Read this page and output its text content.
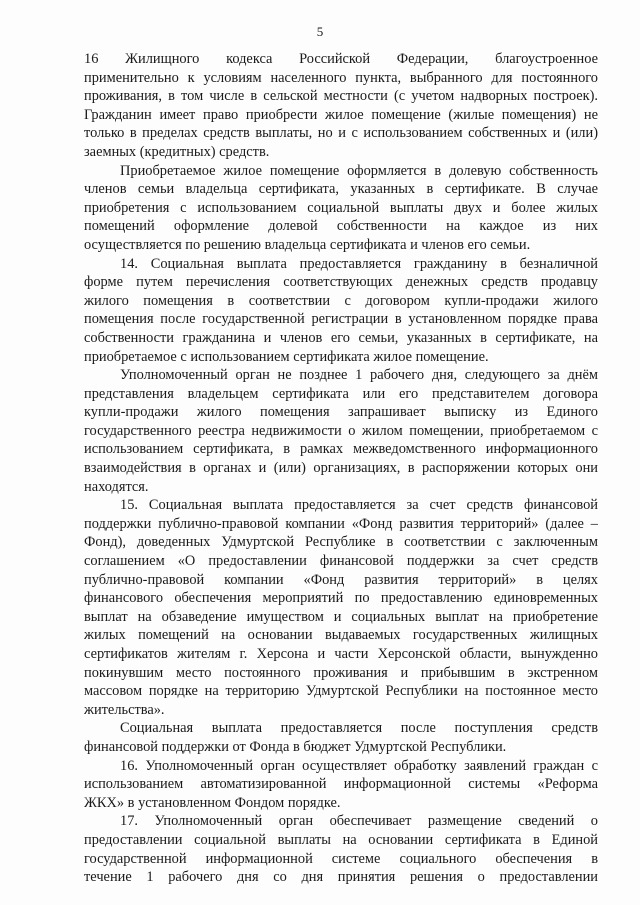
5

16 Жилищного кодекса Российской Федерации, благоустроенное
применительно к условиям населенного пункта, выбранного для постоянного
проживания, в том числе в сельской местности (с учетом надворных построек).
Гражданин имеет право приобрести жилое помещение (жилые помещения) не
только в пределах средств выплаты, но и с использованием собственных и (или)
заемных (кредитных) средств.

Приобретаемое жилое помещение оформляется в долевую собственность
членов семьи владельца сертификата, указанных в сертификате. В случае
приобретения с использованием социальной выплаты двух и более жилых
помещений оформление долевой собственности на каждое из них
осуществляется по решению владельца сертификата и членов его семьи.

14. Социальная выплата предоставляется гражданину в безналичной
форме путем перечисления соответствующих денежных средств продавцу
жилого помещения в соответствии с договором купли-продажи жилого
помещения после государственной регистрации в установленном порядке права
собственности гражданина и членов его семьи, указанных в сертификате, на
приобретаемое с использованием сертификата жилое помещение.

Уполномоченный орган не позднее 1 рабочего дня, следующего за днём
представления владельцем сертификата или его представителем договора
купли-продажи жилого помещения запрашивает выписку из Единого
государственного реестра недвижимости о жилом помещении, приобретаемом с
использованием сертификата, в рамках межведомственного информационного
взаимодействия в органах и (или) организациях, в распоряжении которых они
находятся.

15. Социальная выплата предоставляется за счет средств финансовой
поддержки публично-правовой компании «Фонд развития территорий» (далее –
Фонд), доведенных Удмуртской Республике в соответствии с заключенным
соглашением «О предоставлении финансовой поддержки за счет средств
публично-правовой компании «Фонд развития территорий» в целях
финансового обеспечения мероприятий по предоставлению единовременных
выплат на обзаведение имуществом и социальных выплат на приобретение
жилых помещений на основании выдаваемых государственных жилищных
сертификатов жителям г. Херсона и части Херсонской области, вынужденно
покинувшим место постоянного проживания и прибывшим в экстренном
массовом порядке на территорию Удмуртской Республики на постоянное место
жительства».

Социальная выплата предоставляется после поступления средств
финансовой поддержки от Фонда в бюджет Удмуртской Республики.

16. Уполномоченный орган осуществляет обработку заявлений граждан с
использованием автоматизированной информационной системы «Реформа
ЖКХ» в установленном Фондом порядке.

17. Уполномоченный орган обеспечивает размещение сведений о
предоставлении социальной выплаты на основании сертификата в Единой
государственной информационной системе социального обеспечения в
течение 1 рабочего дня со дня принятия решения о предоставлении
